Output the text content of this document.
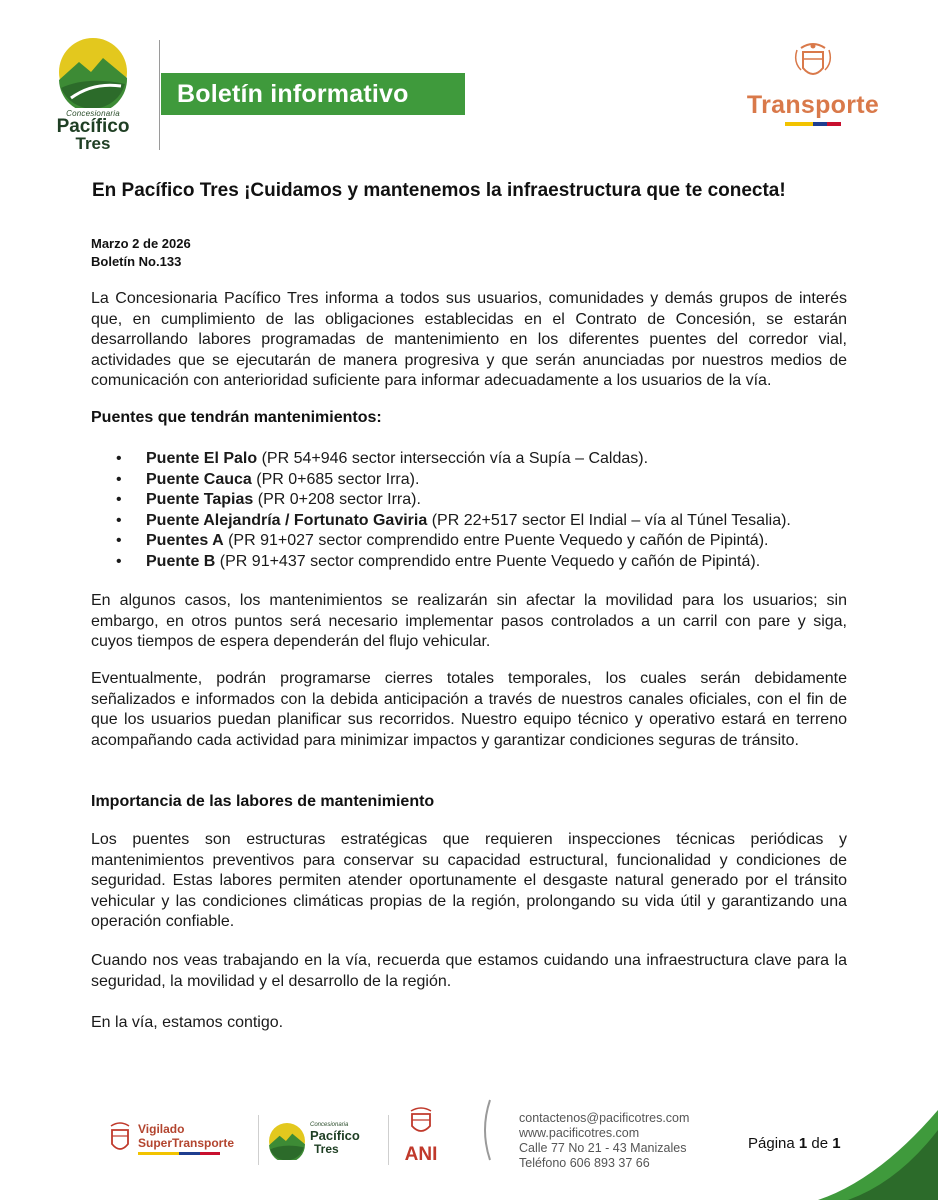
Concesionaria
Pacífico
Tres
Boletín informativo	Transporte
En Pacífico Tres ¡Cuidamos y mantenemos la infraestructura que te conecta!
Marzo 2 de 2026
Boletín No.133
La Concesionaria Pacífico Tres informa a todos sus usuarios, comunidades y demás grupos de interés que, en cumplimiento de las obligaciones establecidas en el Contrato de Concesión, se estarán desarrollando labores programadas de mantenimiento en los diferentes puentes del corredor vial, actividades que se ejecutarán de manera progresiva y que serán anunciadas por nuestros medios de comunicación con anterioridad suficiente para informar adecuadamente a los usuarios de la vía.
Puentes que tendrán mantenimientos:
• Puente El Palo (PR 54+946 sector intersección vía a Supía – Caldas).
• Puente Cauca (PR 0+685 sector Irra).
• Puente Tapias (PR 0+208 sector Irra).
• Puente Alejandría / Fortunato Gaviria (PR 22+517 sector El Indial – vía al Túnel Tesalia).
• Puentes A (PR 91+027 sector comprendido entre Puente Vequedo y cañón de Pipintá).
• Puente B (PR 91+437 sector comprendido entre Puente Vequedo y cañón de Pipintá).
En algunos casos, los mantenimientos se realizarán sin afectar la movilidad para los usuarios; sin embargo, en otros puntos será necesario implementar pasos controlados a un carril con pare y siga, cuyos tiempos de espera dependerán del flujo vehicular.
Eventualmente, podrán programarse cierres totales temporales, los cuales serán debidamente señalizados e informados con la debida anticipación a través de nuestros canales oficiales, con el fin de que los usuarios puedan planificar sus recorridos. Nuestro equipo técnico y operativo estará en terreno acompañando cada actividad para minimizar impactos y garantizar condiciones seguras de tránsito.
Importancia de las labores de mantenimiento
Los puentes son estructuras estratégicas que requieren inspecciones técnicas periódicas y mantenimientos preventivos para conservar su capacidad estructural, funcionalidad y condiciones de seguridad. Estas labores permiten atender oportunamente el desgaste natural generado por el tránsito vehicular y las condiciones climáticas propias de la región, prolongando su vida útil y garantizando una operación confiable.
Cuando nos veas trabajando en la vía, recuerda que estamos cuidando una infraestructura clave para la seguridad, la movilidad y el desarrollo de la región.
En la vía, estamos contigo.
Vigilado
SuperTransporte
Concesionaria
Pacífico
Tres	ANI
contactenos@pacificotres.com
www.pacificotres.com
Calle 77 No 21 - 43 Manizales
Teléfono 606 893 37 66
Página 1 de 1
